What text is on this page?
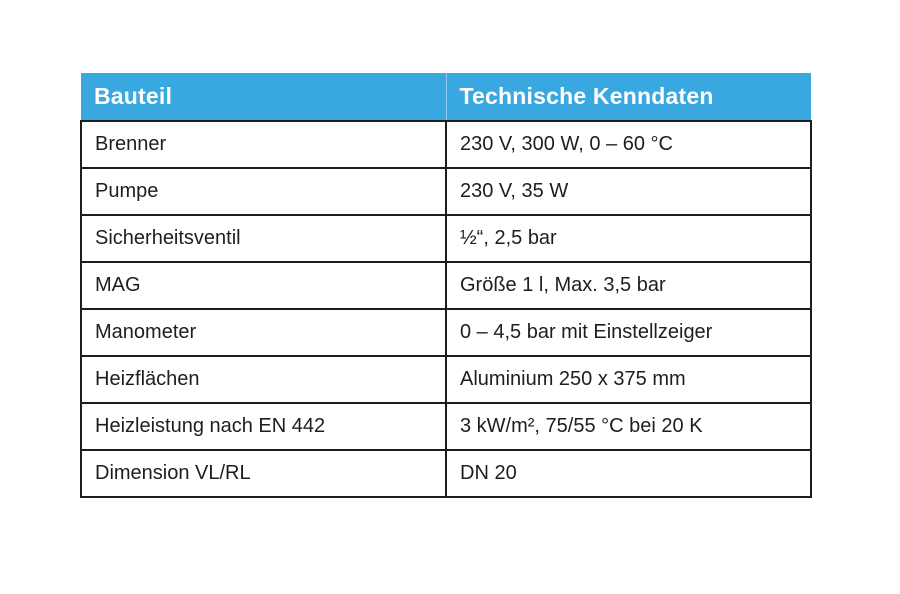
Bauteil	Technische Kenndaten
Brenner	230 V, 300 W, 0 – 60 °C
Pumpe	230 V, 35 W
Sicherheitsventil	½“, 2,5 bar
MAG	Größe 1 l, Max. 3,5 bar
Manometer	0 – 4,5 bar mit Einstellzeiger
Heizflächen	Aluminium 250 x 375 mm
Heizleistung nach EN 442	3 kW/m², 75/55 °C bei 20 K
Dimension VL/RL	DN 20
